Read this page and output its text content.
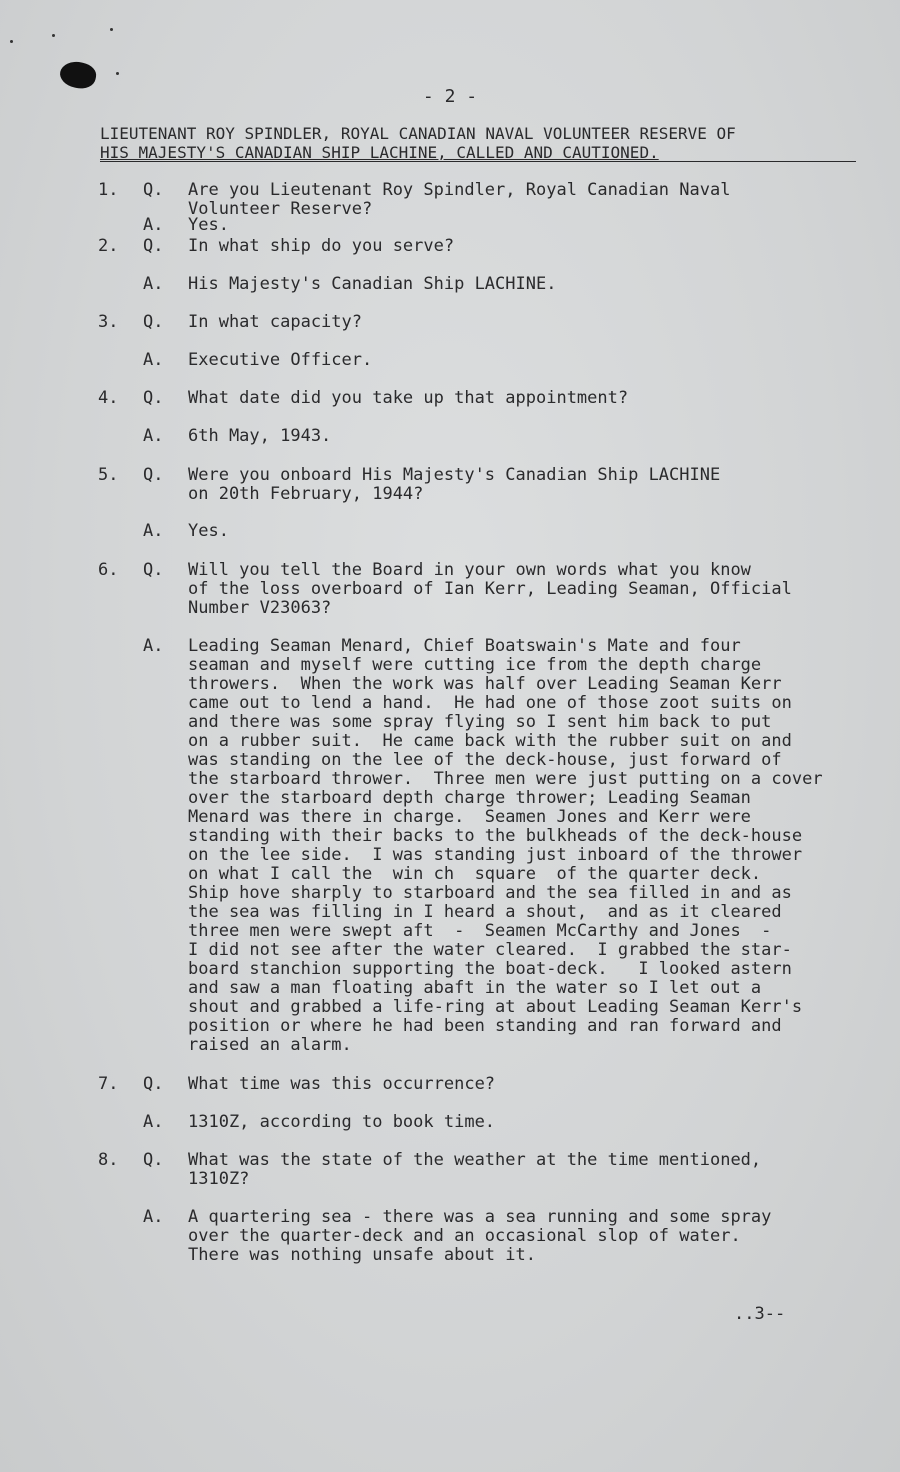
- 2 -
LIEUTENANT ROY SPINDLER, ROYAL CANADIAN NAVAL VOLUNTEER RESERVE OF
HIS MAJESTY'S CANADIAN SHIP LACHINE, CALLED AND CAUTIONED.

1.

	Q.

	Are you Lieutenant Roy Spindler, Royal Canadian Naval
Volunteer Reserve?

A.

	Yes.

2.

	Q.

	In what ship do you serve?

A.

	His Majesty's Canadian Ship LACHINE.

3.

	Q.

	In what capacity?

A.

	Executive Officer.

4.

	Q.

	What date did you take up that appointment?

A.

	6th May, 1943.

5.

	Q.

	Were you onboard His Majesty's Canadian Ship LACHINE
on 20th February, 1944?

A.

	Yes.

6.

	Q.

	Will you tell the Board in your own words what you know
of the loss overboard of Ian Kerr, Leading Seaman, Official
Number V23063?

A.

	Leading Seaman Menard, Chief Boatswain's Mate and four
seaman and myself were cutting ice from the depth charge
throwers.  When the work was half over Leading Seaman Kerr
came out to lend a hand.  He had one of those zoot suits on
and there was some spray flying so I sent him back to put
on a rubber suit.  He came back with the rubber suit on and
was standing on the lee of the deck-house, just forward of
the starboard thrower.  Three men were just putting on a cover
over the starboard depth charge thrower; Leading Seaman
Menard was there in charge.  Seamen Jones and Kerr were
standing with their backs to the bulkheads of the deck-house
on the lee side.  I was standing just inboard of the thrower
on what I call the  win ch  square  of the quarter deck.
Ship hove sharply to starboard and the sea filled in and as
the sea was filling in I heard a shout,  and as it cleared
three men were swept aft  -  Seamen McCarthy and Jones  -
I did not see after the water cleared.  I grabbed the star-
board stanchion supporting the boat-deck.   I looked astern
and saw a man floating abaft in the water so I let out a
shout and grabbed a life-ring at about Leading Seaman Kerr's
position or where he had been standing and ran forward and
raised an alarm.

7.

	Q.

	What time was this occurrence?

A.

	1310Z, according to book time.

8.

	Q.

	What was the state of the weather at the time mentioned,
1310Z?

A.

	A quartering sea - there was a sea running and some spray
over the quarter-deck and an occasional slop of water.
There was nothing unsafe about it.

..3--
